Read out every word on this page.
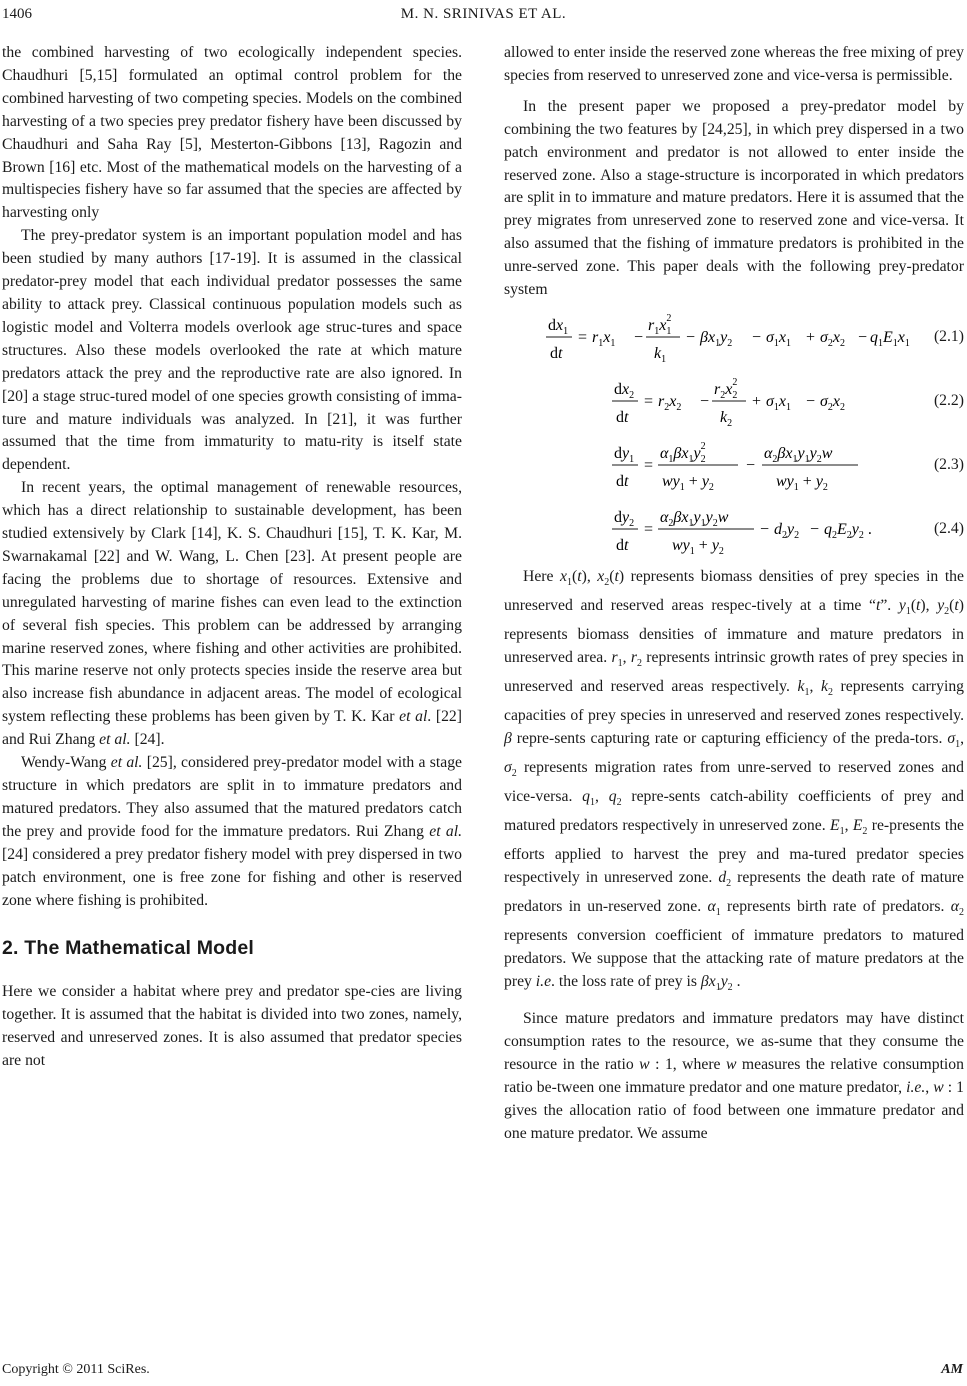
1406	M. N. SRINIVAS ET AL.

the combined harvesting of two ecologically independent species. Chaudhuri [5,15] formulated an optimal control problem for the combined harvesting of two competing species. Models on the combined harvesting of a two species prey predator fishery have been discussed by Chaudhuri and Saha Ray [5], Mesterton-Gibbons [13], Ragozin and Brown [16] etc. Most of the mathematical models on the harvesting of a multispecies fishery have so far assumed that the species are affected by harvesting only

The prey-predator system is an important population model and has been studied by many authors [17-19]. It is assumed in the classical predator-prey model that each individual predator possesses the same ability to attack prey. Classical continuous population models such as logistic model and Volterra models overlook age struc-tures and space structures. Also these models overlooked the rate at which mature predators attack the prey and the reproductive rate are also ignored. In [20] a stage struc-tured model of one species growth consisting of imma-ture and mature individuals was analyzed. In [21], it was further assumed that the time from immaturity to matu-rity is itself state dependent.

In recent years, the optimal management of renewable resources, which has a direct relationship to sustainable development, has been studied extensively by Clark [14], K. S. Chaudhuri [15], T. K. Kar, M. Swarnakamal [22] and W. Wang, L. Chen [23]. At present people are facing the problems due to shortage of resources. Extensive and unregulated harvesting of marine fishes can even lead to the extinction of several fish species. This problem can be addressed by arranging marine reserved zones, where fishing and other activities are prohibited. This marine reserve not only protects species inside the reserve area but also increase fish abundance in adjacent areas. The model of ecological system reflecting these problems has been given by T. K. Kar et al. [22] and Rui Zhang et al. [24].

Wendy-Wang et al. [25], considered prey-predator model with a stage structure in which predators are split in to immature predators and matured predators. They also assumed that the matured predators catch the prey and provide food for the immature predators. Rui Zhang et al. [24] considered a prey predator fishery model with prey dispersed in two patch environment, one is free zone for fishing and other is reserved zone where fishing is prohibited.

2. The Mathematical Model

Here we consider a habitat where prey and predator spe-cies are living together. It is assumed that the habitat is divided into two zones, namely, reserved and unreserved zones. It is also assumed that predator species are not

allowed to enter inside the reserved zone whereas the free mixing of prey species from reserved to unreserved zone and vice-versa is permissible.

In the present paper we proposed a prey-predator model by combining the two features by [24,25], in which prey dispersed in a two patch environment and predator is not allowed to enter inside the reserved zone. Also a stage-structure is incorporated in which predators are split in to immature and mature predators. Here it is assumed that the prey migrates from unreserved zone to reserved zone and vice-versa. It also assumed that the fishing of immature predators is prohibited in the unre-served zone. This paper deals with the following prey-predator system

$dx_1$
dt
= $r_1x_1$ −
$r_1x^2$ 1
$k_1$
− $\beta x_1y_2 - \sigma_1x_1 + \sigma_2x_2 - q_1E_1x_1$ (2.1)
$dx_2$
dt
= $r_2x_2$ −
$r_2x^2$ 2
$k_2$
+ $\sigma_1x_1 - \sigma_2x_2$	(2.2)
$dy_1$
dt
=
$\alpha_1\beta x_1y^2$ 2
$wy_1 + y_2$
−
$\alpha_2\beta x_1y_1y_2w$
$wy_1 + y_2$
(2.3)
$dy_2$
dt
=
$\alpha_2\beta x_1y_1y_2w$
$wy_1 + y_2$
− $d_2y_2 - q_2E_2y_2$ .	(2.4)

Here $x_1(t)$, $x_2(t)$ represents biomass densities of prey species in the unreserved and reserved areas respec-tively at a time “t”. $y_1(t)$, $y_2(t)$ represents biomass densities of immature and mature predators in unreserved area. $r_1$, $r_2$ represents intrinsic growth rates of prey species in unreserved and reserved areas respectively. $k_1$, $k_2$ represents carrying capacities of prey species in unreserved and reserved zones respectively. β repre-sents capturing rate or capturing efficiency of the preda-tors. $\sigma_1$, $\sigma_2$ represents migration rates from unre-served to reserved zones and vice-versa. $q_1$, $q_2$ repre-sents catch-ability coefficients of prey and matured predators respectively in unreserved zone. $E_1$, $E_2$ re-presents the efforts applied to harvest the prey and ma-tured predator species respectively in unreserved zone. $d_2$ represents the death rate of mature predators in un-reserved zone. $\alpha_1$ represents birth rate of predators. $\alpha_2$ represents conversion coefficient of immature predators to matured predators. We suppose that the attacking rate of mature predators at the prey i.e. the loss rate of prey is $\beta x_1y_2$ .

Since mature predators and immature predators may have distinct consumption rates to the resource, we as-sume that they consume the resource in the ratio w : 1, where w measures the relative consumption ratio be-tween one immature predator and one mature predator, i.e., w : 1 gives the allocation ratio of food between one immature predator and one mature predator. We assume

Copyright © 2011 SciRes.	AM
